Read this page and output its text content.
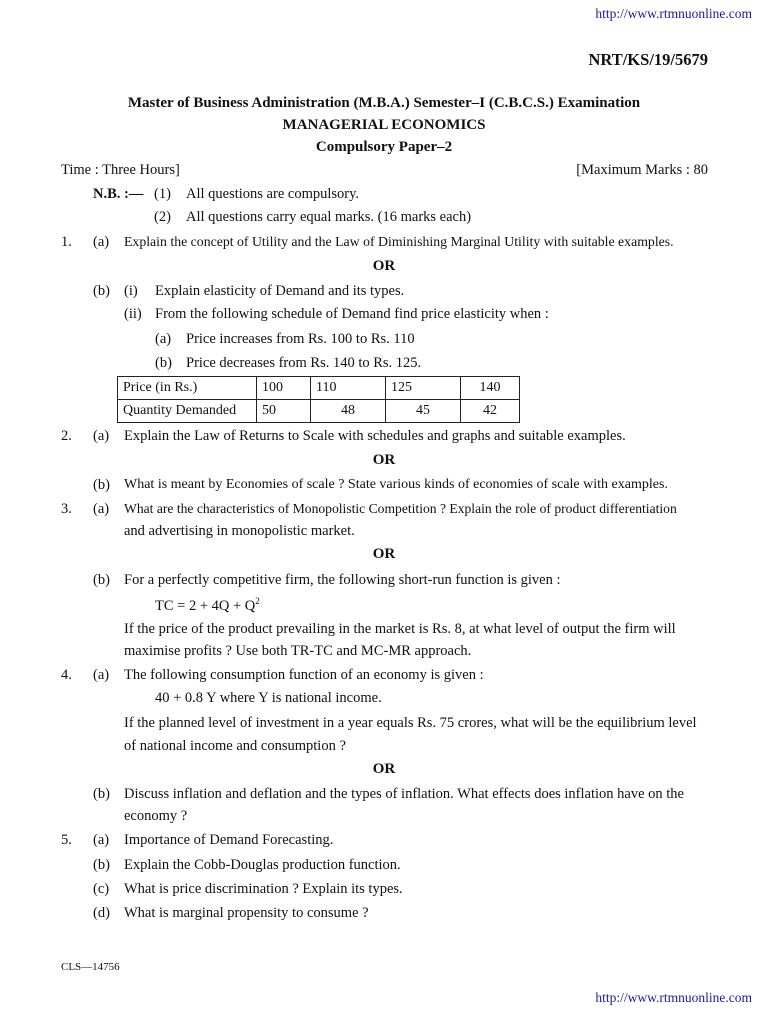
http://www.rtmnuonline.com
NRT/KS/19/5679
Master of Business Administration (M.B.A.) Semester–I (C.B.C.S.) Examination
MANAGERIAL ECONOMICS
Compulsory Paper–2
Time : Three Hours]	[Maximum Marks : 80
N.B. :— (1) All questions are compulsory.
(2) All questions carry equal marks. (16 marks each)
1. (a) Explain the concept of Utility and the Law of Diminishing Marginal Utility with suitable examples.
OR
(b) (i) Explain elasticity of Demand and its types.
(ii) From the following schedule of Demand find price elasticity when :
(a) Price increases from Rs. 100 to Rs. 110
(b) Price decreases from Rs. 140 to Rs. 125.
Price (in Rs.)	100	110	125	140
Quantity Demanded	50	48	45	42
2. (a) Explain the Law of Returns to Scale with schedules and graphs and suitable examples.
OR
(b) What is meant by Economies of scale ? State various kinds of economies of scale with examples.
3. (a) What are the characteristics of Monopolistic Competition ? Explain the role of product differentiation
and advertising in monopolistic market.
OR
(b) For a perfectly competitive firm, the following short-run function is given :
TC = $2 + 4Q + Q^2$
If the price of the product prevailing in the market is Rs. 8, at what level of output the firm will
maximise profits ? Use both TR-TC and MC-MR approach.
4. (a) The following consumption function of an economy is given :
40 + 0.8 Y where Y is national income.
If the planned level of investment in a year equals Rs. 75 crores, what will be the equilibrium level
of national income and consumption ?
OR
(b) Discuss inflation and deflation and the types of inflation. What effects does inflation have on the
economy ?
5. (a) Importance of Demand Forecasting.
(b) Explain the Cobb-Douglas production function.
(c) What is price discrimination ? Explain its types.
(d) What is marginal propensity to consume ?
CLS—14756
http://www.rtmnuonline.com
